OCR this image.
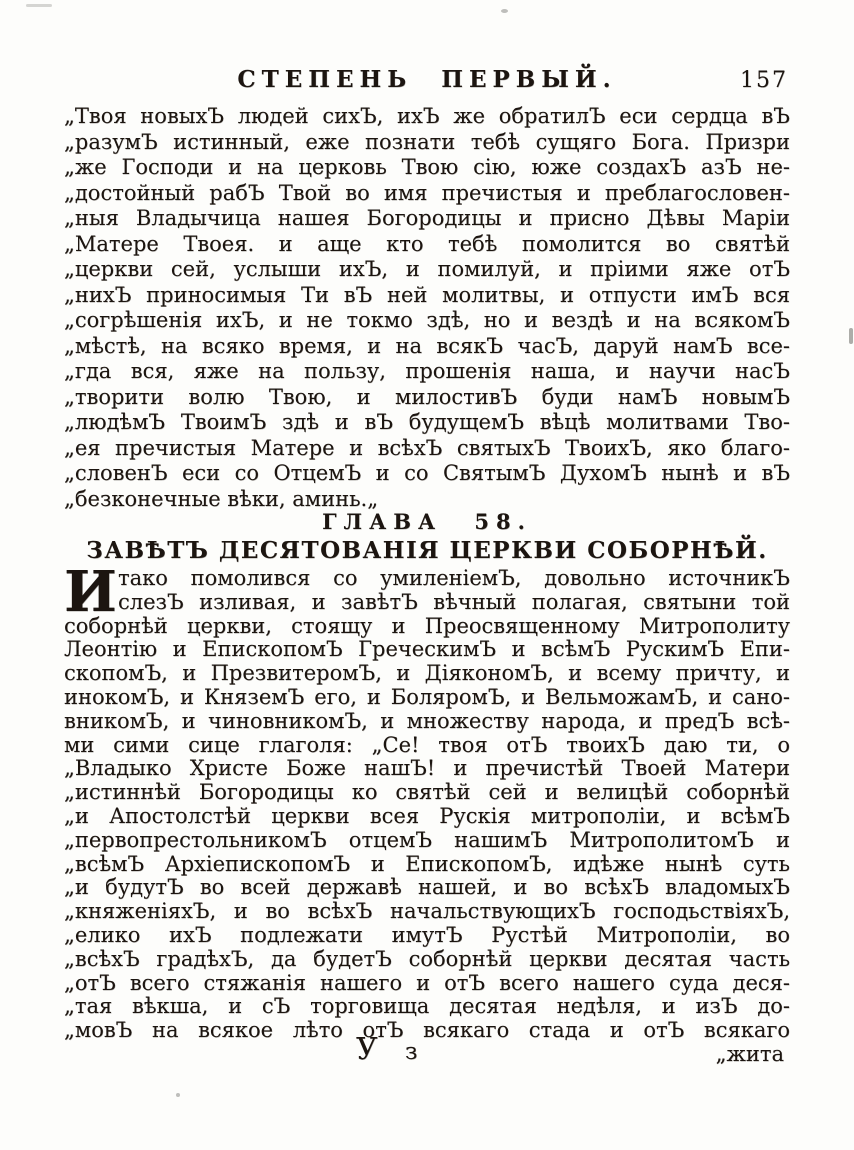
СТЕПЕНЬ ПЕРВЫЙ.	157
„Твоя новыхЪ людей сихЪ, ихЪ же обратилЪ еси сердца вЪ
„разумЪ истинный, еже познати тебѣ сущяго Бога. Призри
„же Господи и на церковь Твою сію, юже создахЪ азЪ не-
„достойный рабЪ Твой во имя пречистыя и преблагословен-
„ныя Владычица нашея Богородицы и присно Дѣвы Маріи
„Матере Твоея. и аще кто тебѣ помолится во святѣй
„церкви сей, услыши ихЪ, и помилуй, и пріими яже отЪ
„нихЪ приносимыя Ти вЪ ней молитвы, и отпусти имЪ вся
„согрѣшенія ихЪ, и не токмо здѣ, но и вездѣ и на всякомЪ
„мѣстѣ, на всяко время, и на всякЪ часЪ, даруй намЪ все-
„гда вся, яже на пользу, прошенія наша, и научи насЪ
„творити волю Твою, и милостивЪ буди намЪ новымЪ
„людѣмЪ ТвоимЪ здѣ и вЪ будущемЪ вѣцѣ молитвами Тво-
„ея пречистыя Матере и всѣхЪ святыхЪ ТвоихЪ, яко благо-
„словенЪ еси со ОтцемЪ и со СвятымЪ ДухомЪ нынѣ и вЪ
„безконечные вѣки, аминь.„
ГЛАВА 58.
ЗАВѢТЪ ДЕСЯТОВАНІЯ ЦЕРКВИ СОБОРНѢЙ.
И тако помолився со умиленіемЪ, довольно источникЪ
слезЪ изливая, и завѣтЪ вѣчный полагая, святыни той
соборнѣй церкви, стоящу и Преосвященному Митрополиту
Леонтію и ЕпископомЪ ГреческимЪ и всѣмЪ РускимЪ Епи-
скопомЪ, и ПрезвитеромЪ, и ДіякономЪ, и всему причту, и
инокомЪ, и КняземЪ его, и БоляромЪ, и ВельможамЪ, и сано-
вникомЪ, и чиновникомЪ, и множеству народа, и предЪ всѣ-
ми сими сице глаголя: „Се! твоя отЪ твоихЪ даю ти, о
„Владыко Христе Боже нашЪ! и пречистѣй Твоей Матери
„истиннѣй Богородицы ко святѣй сей и велицѣй соборнѣй
„и Апостолстѣй церкви всея Рускія митрополіи, и всѣмЪ
„первопрестольникомЪ отцемЪ нашимЪ МитрополитомЪ и
„всѣмЪ АрхіепископомЪ и ЕпископомЪ, идѣже нынѣ суть
„и будутЪ во всей державѣ нашей, и во всѣхЪ владомыхЪ
„княженіяхЪ, и во всѣхЪ начальствующихЪ господьствіяхЪ,
„елико ихЪ подлежати имутЪ Рустѣй Митрополіи, во
„всѣхЪ градѣхЪ, да будетЪ соборнѣй церкви десятая часть
„отЪ всего стяжанія нашего и отЪ всего нашего суда деся-
„тая вѣкша, и сЪ торговища десятая недѣля, и изЪ до-
„мовЪ на всякое лѣто отЪ всякаго стада и отЪ всякаго
У з	„жита
